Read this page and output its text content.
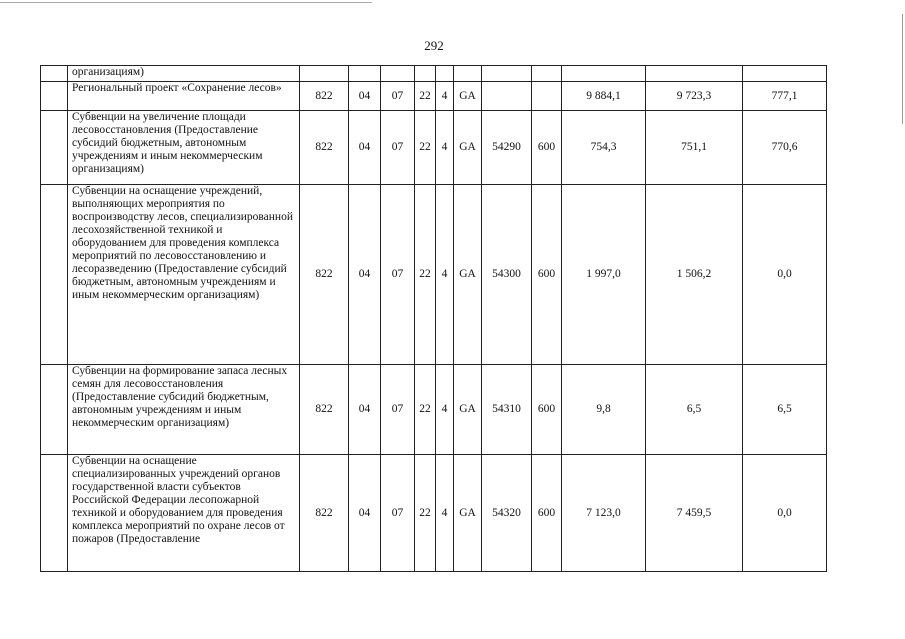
292
	организациям)											
	Региональный проект «Сохранение лесов»	822	04	07	22	4	GA			9 884,1	9 723,3	777,1
	Субвенции на увеличение площади лесовосстановления (Предоставление субсидий бюджетным, автономным учреждениям и иным некоммерческим организациям)	822	04	07	22	4	GA	54290	600	754,3	751,1	770,6
	Субвенции на оснащение учреждений, выполняющих мероприятия по воспроизводству лесов, специализированной лесохозяйственной техникой и оборудованием для проведения комплекса мероприятий по лесовосстановлению и лесоразведению (Предоставление субсидий бюджетным, автономным учреждениям и иным некоммерческим организациям)	822	04	07	22	4	GA	54300	600	1 997,0	1 506,2	0,0
	Субвенции на формирование запаса лесных семян для лесовосстановления (Предоставление субсидий бюджетным, автономным учреждениям и иным некоммерческим организациям)	822	04	07	22	4	GA	54310	600	9,8	6,5	6,5
	Субвенции на оснащение специализированных учреждений органов государственной власти субъектов Российской Федерации лесопожарной техникой и оборудованием для проведения комплекса мероприятий по охране лесов от пожаров (Предоставление	822	04	07	22	4	GA	54320	600	7 123,0	7 459,5	0,0
